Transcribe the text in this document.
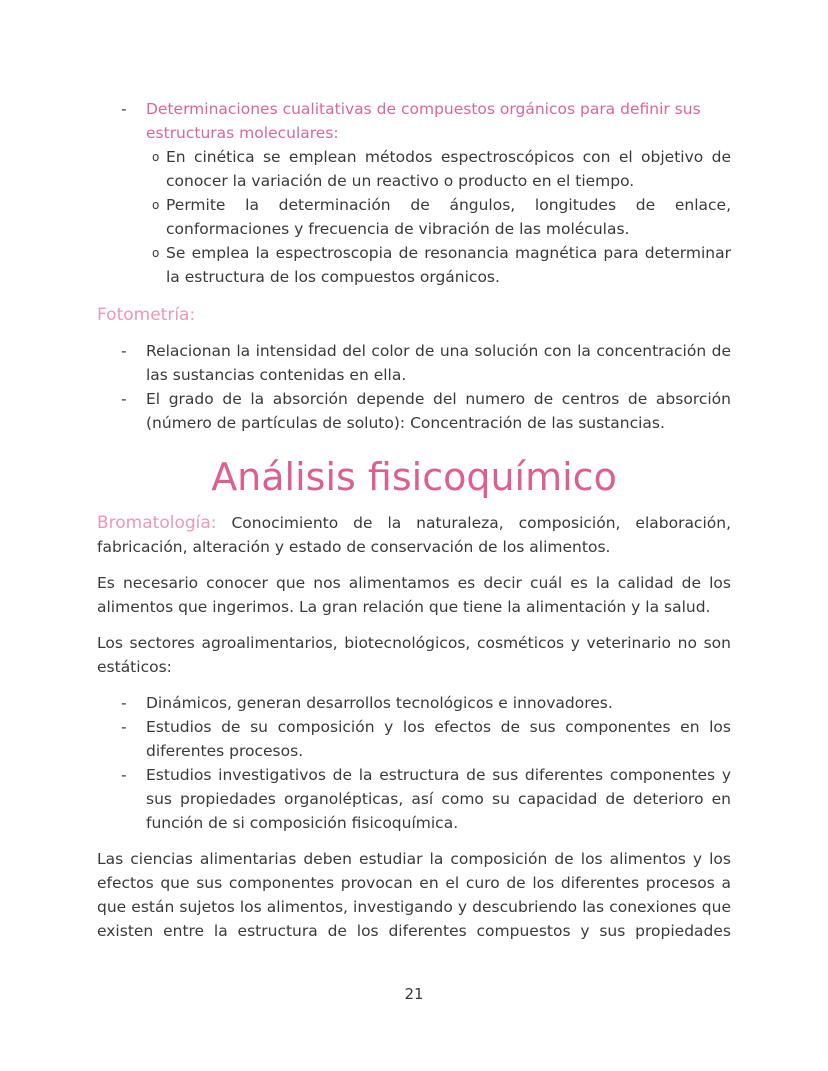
- Determinaciones cualitativas de compuestos orgánicos para definir sus estructuras moleculares:
o En cinética se emplean métodos espectroscópicos con el objetivo de conocer la variación de un reactivo o producto en el tiempo.
o Permite la determinación de ángulos, longitudes de enlace, conformaciones y frecuencia de vibración de las moléculas.
o Se emplea la espectroscopia de resonancia magnética para determinar la estructura de los compuestos orgánicos.
Fotometría:
- Relacionan la intensidad del color de una solución con la concentración de las sustancias contenidas en ella.
- El grado de la absorción depende del numero de centros de absorción (número de partículas de soluto): Concentración de las sustancias.
Análisis fisicoquímico

Bromatología: Conocimiento de la naturaleza, composición, elaboración, fabricación, alteración y estado de conservación de los alimentos.

Es necesario conocer que nos alimentamos es decir cuál es la calidad de los alimentos que ingerimos. La gran relación que tiene la alimentación y la salud.

Los sectores agroalimentarios, biotecnológicos, cosméticos y veterinario no son estáticos:

- Dinámicos, generan desarrollos tecnológicos e innovadores.
- Estudios de su composición y los efectos de sus componentes en los diferentes procesos.
- Estudios investigativos de la estructura de sus diferentes componentes y sus propiedades organolépticas, así como su capacidad de deterioro en función de si composición fisicoquímica.

Las ciencias alimentarias deben estudiar la composición de los alimentos y los efectos que sus componentes provocan en el curo de los diferentes procesos a que están sujetos los alimentos, investigando y descubriendo las conexiones que existen entre la estructura de los diferentes compuestos y sus propiedades

21
